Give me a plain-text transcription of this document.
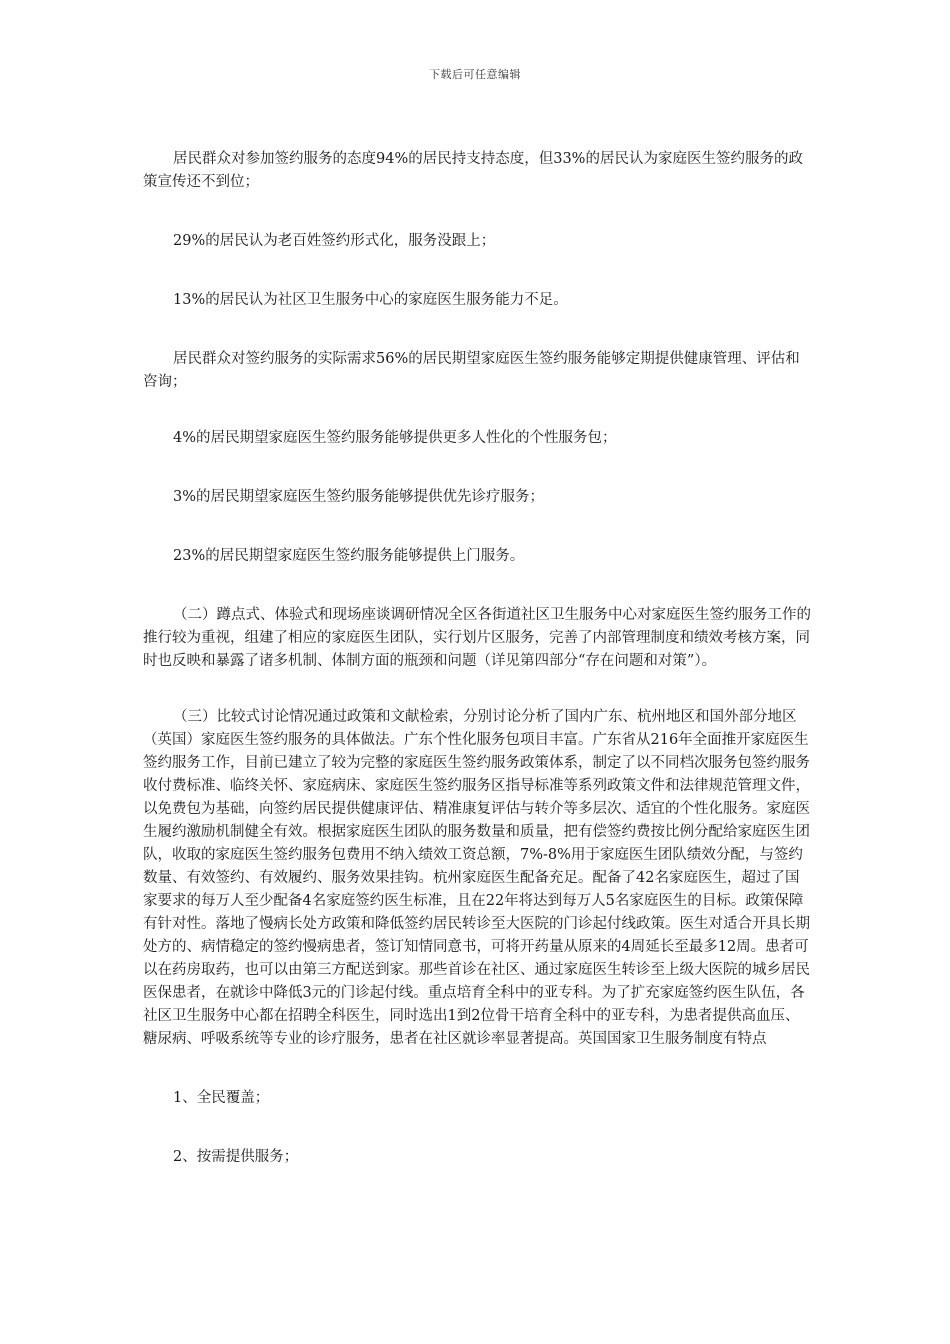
下载后可任意编辑

居民群众对参加签约服务的态度94%的居民持支持态度，但33%的居民认为家庭医生签约服务的政策宣传还不到位；

29%的居民认为老百姓签约形式化，服务没跟上；

13%的居民认为社区卫生服务中心的家庭医生服务能力不足。

居民群众对签约服务的实际需求56%的居民期望家庭医生签约服务能够定期提供健康管理、评估和咨询；

4%的居民期望家庭医生签约服务能够提供更多人性化的个性服务包；

3%的居民期望家庭医生签约服务能够提供优先诊疗服务；

23%的居民期望家庭医生签约服务能够提供上门服务。

（二）蹲点式、体验式和现场座谈调研情况全区各街道社区卫生服务中心对家庭医生签约服务工作的推行较为重视，组建了相应的家庭医生团队，实行划片区服务，完善了内部管理制度和绩效考核方案，同时也反映和暴露了诸多机制、体制方面的瓶颈和问题（详见第四部分“存在问题和对策”）。

（三）比较式讨论情况通过政策和文献检索，分别讨论分析了国内广东、杭州地区和国外部分地区（英国）家庭医生签约服务的具体做法。广东个性化服务包项目丰富。广东省从216年全面推开家庭医生签约服务工作，目前已建立了较为完整的家庭医生签约服务政策体系，制定了以不同档次服务包签约服务收付费标准、临终关怀、家庭病床、家庭医生签约服务区指导标准等系列政策文件和法律规范管理文件，以免费包为基础，向签约居民提供健康评估、精准康复评估与转介等多层次、适宜的个性化服务。家庭医生履约激励机制健全有效。根据家庭医生团队的服务数量和质量，把有偿签约费按比例分配给家庭医生团队，收取的家庭医生签约服务包费用不纳入绩效工资总额，7%-8%用于家庭医生团队绩效分配，与签约数量、有效签约、有效履约、服务效果挂钩。杭州家庭医生配备充足。配备了42名家庭医生，超过了国家要求的每万人至少配备4名家庭签约医生标准，且在22年将达到每万人5名家庭医生的目标。政策保障有针对性。落地了慢病长处方政策和降低签约居民转诊至大医院的门诊起付线政策。医生对适合开具长期处方的、病情稳定的签约慢病患者，签订知情同意书，可将开药量从原来的4周延长至最多12周。患者可以在药房取药，也可以由第三方配送到家。那些首诊在社区、通过家庭医生转诊至上级大医院的城乡居民医保患者，在就诊中降低3元的门诊起付线。重点培育全科中的亚专科。为了扩充家庭签约医生队伍，各社区卫生服务中心都在招聘全科医生，同时选出1到2位骨干培育全科中的亚专科，为患者提供高血压、糖尿病、呼吸系统等专业的诊疗服务，患者在社区就诊率显著提高。英国国家卫生服务制度有特点

1、全民覆盖；

2、按需提供服务；
